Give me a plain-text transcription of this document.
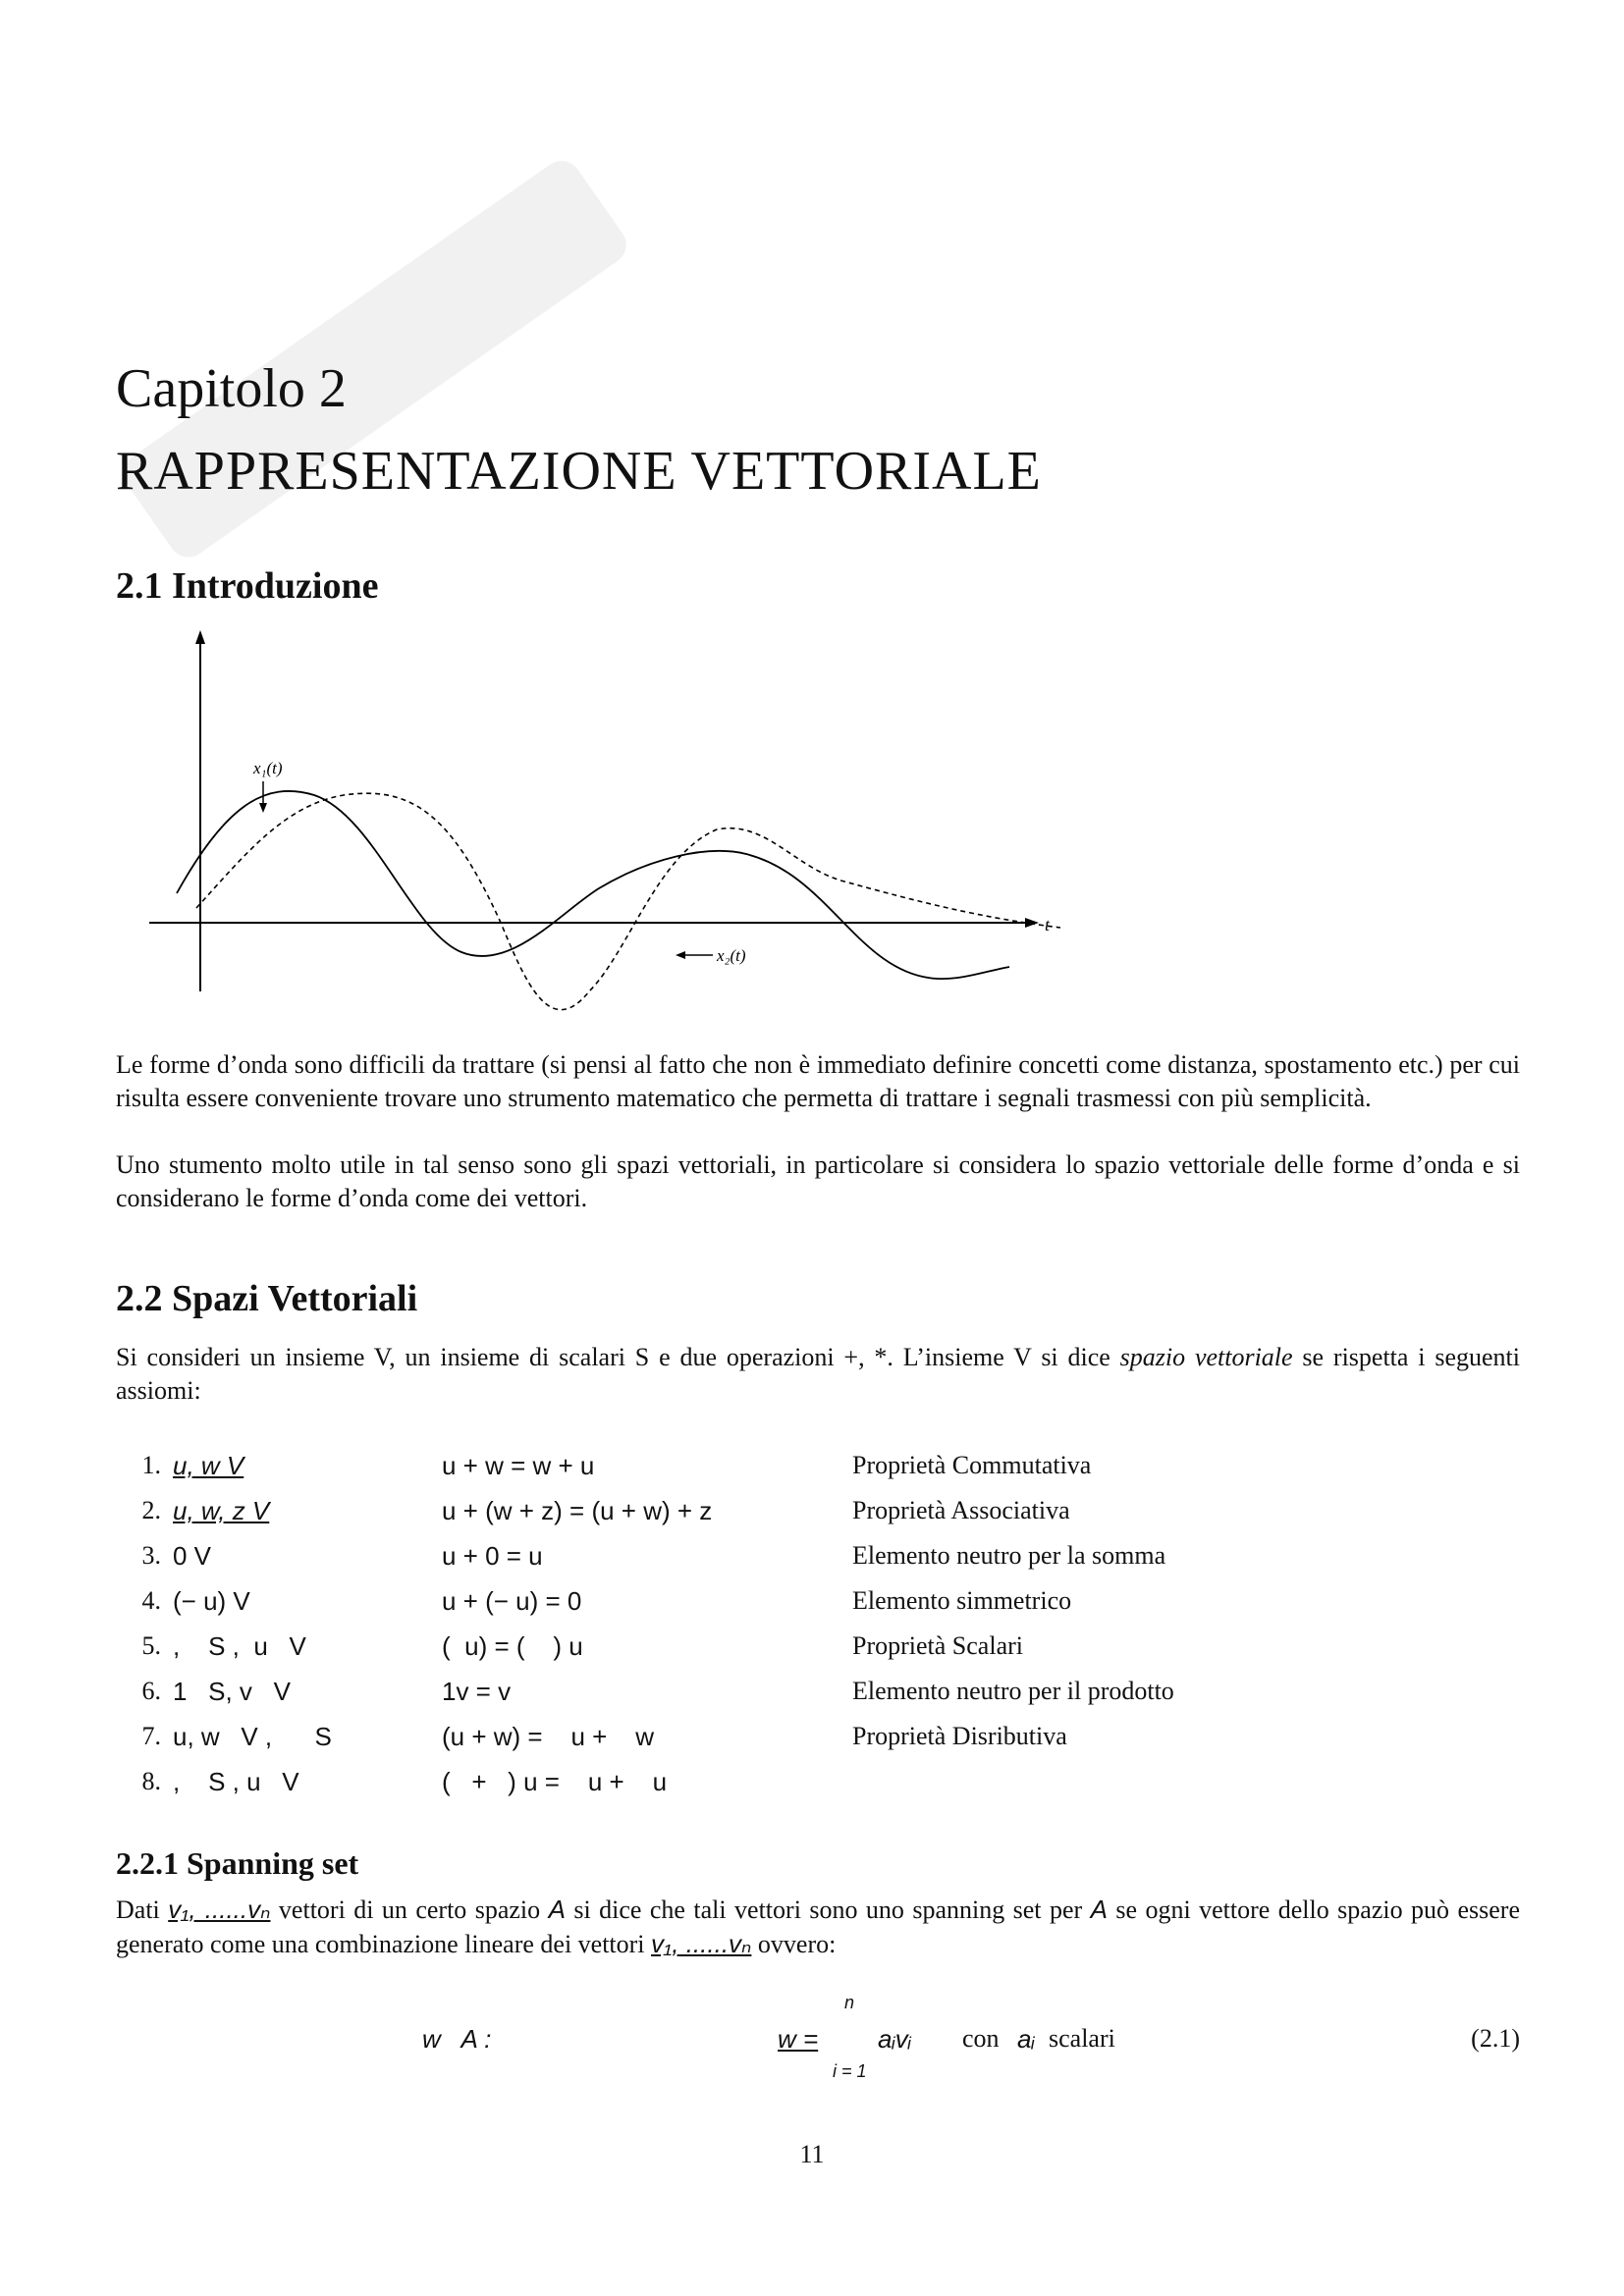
Capitolo 2
RAPPRESENTAZIONE VETTORIALE
2.1 Introduzione
t
x₁(t)
x₂(t)
Le forme d’onda sono difficili da trattare (si pensi al fatto che non è immediato definire concetti come distanza, spostamento etc.) per cui risulta essere conveniente trovare uno strumento matematico che permetta di trattare i segnali trasmessi con più semplicità.
Uno stumento molto utile in tal senso sono gli spazi vettoriali, in particolare si considera lo spazio vettoriale delle forme d’onda e si considerano le forme d’onda come dei vettori.
2.2 Spazi Vettoriali
Si consideri un insieme V, un insieme di scalari S e due operazioni +, *. L’insieme V si dice spazio vettoriale se rispetta i seguenti assiomi:
1. u, w V	u + w = w + u	Proprietà Commutativa
2. u, w, z V	u + (w + z) = (u + w) + z	Proprietà Associativa
3. 0 V	u + 0 = u	Elemento neutro per la somma
4. (− u) V	u + (− u) = 0	Elemento simmetrico
5. ,    S ,  u   V	(  u) = (    ) u	Proprietà Scalari
6. 1   S, v   V	1v = v	Elemento neutro per il prodotto
7. u, w   V ,      S	(u + w) =    u +    w	Proprietà Disributiva
8. ,    S , u   V	(   +   ) u =    u +    u
2.2.1 Spanning set
Dati v₁, ......vₙ vettori di un certo spazio A si dice che tali vettori sono uno spanning set per A se ogni vettore dello spazio può essere generato come una combinazione lineare dei vettori v₁, ......vₙ ovvero:
w   A :
n
w =
i = 1
aᵢvᵢ con aᵢ scalari	(2.1)
11
